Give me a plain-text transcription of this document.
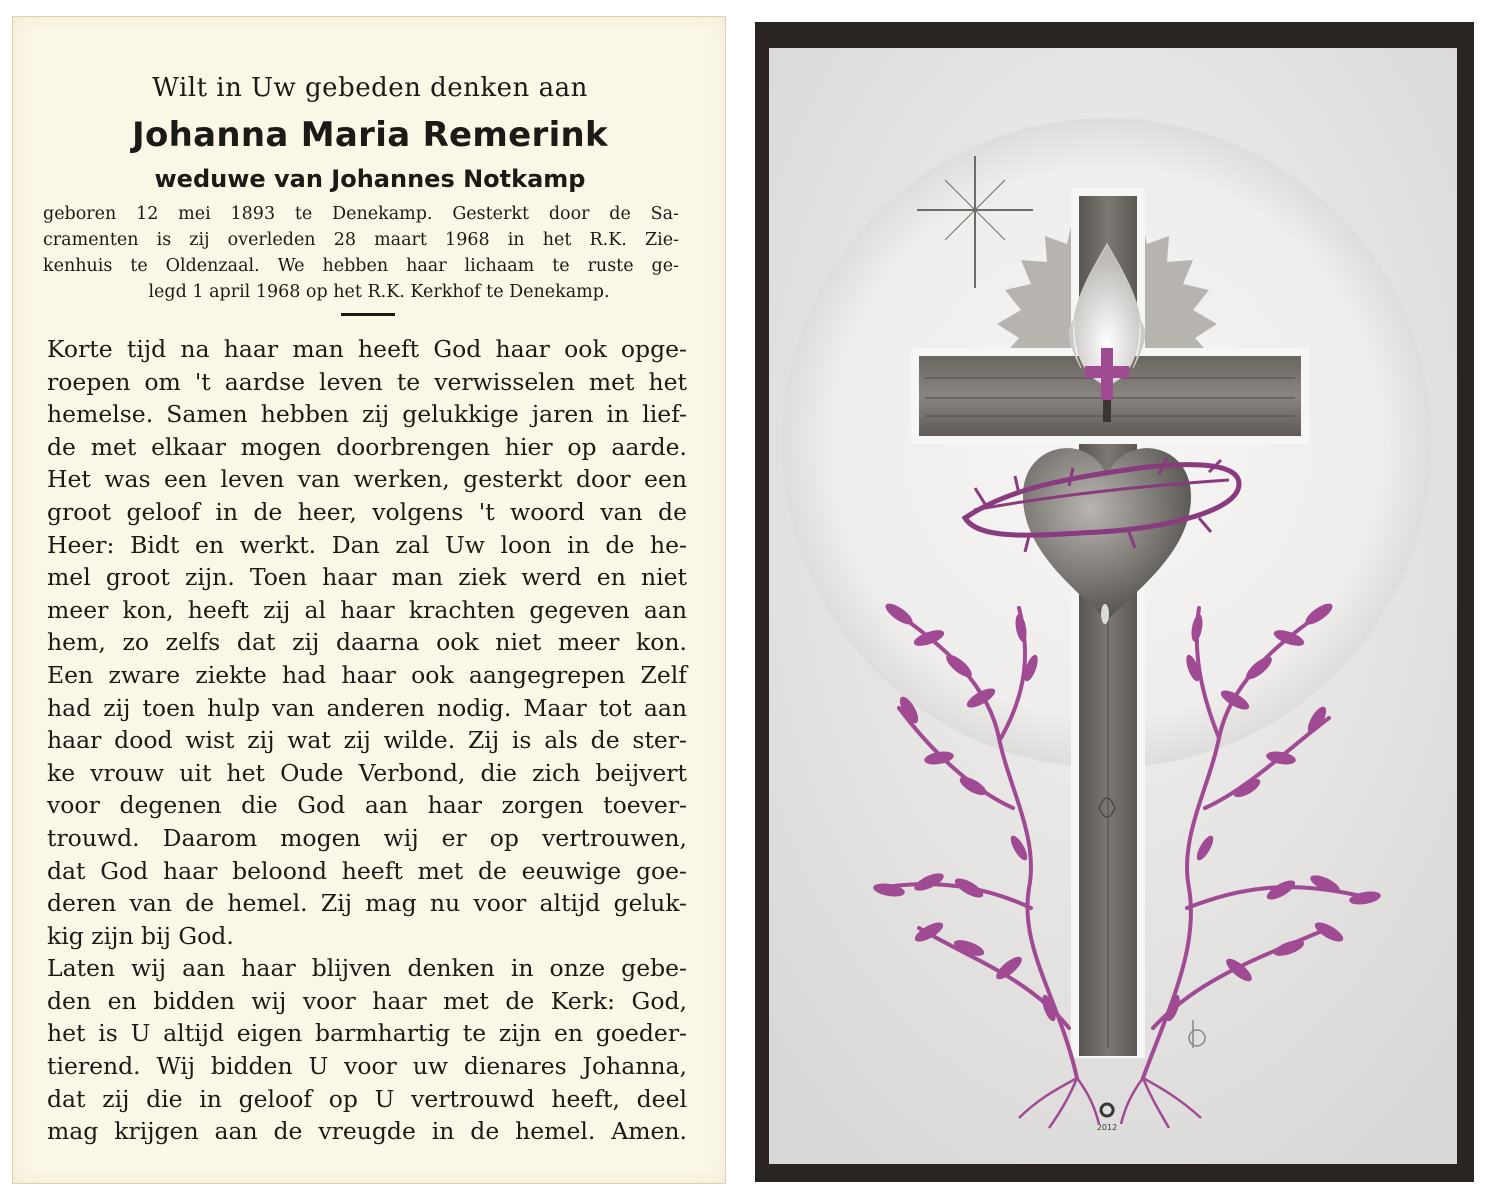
Wilt in Uw gebeden denken aan
Johanna Maria Remerink
weduwe van Johannes Notkamp
geboren 12 mei 1893 te Denekamp. Gesterkt door de Sa-
cramenten is zij overleden 28 maart 1968 in het R.K. Zie-
kenhuis te Oldenzaal. We hebben haar lichaam te ruste ge-
legd 1 april 1968 op het R.K. Kerkhof te Denekamp.
Korte tijd na haar man heeft God haar ook opge-
roepen om 't aardse leven te verwisselen met het
hemelse. Samen hebben zij gelukkige jaren in lief-
de met elkaar mogen doorbrengen hier op aarde.
Het was een leven van werken, gesterkt door een
groot geloof in de heer, volgens 't woord van de
Heer: Bidt en werkt. Dan zal Uw loon in de he-
mel groot zijn. Toen haar man ziek werd en niet
meer kon, heeft zij al haar krachten gegeven aan
hem, zo zelfs dat zij daarna ook niet meer kon.
Een zware ziekte had haar ook aangegrepen Zelf
had zij toen hulp van anderen nodig. Maar tot aan
haar dood wist zij wat zij wilde. Zij is als de ster-
ke vrouw uit het Oude Verbond, die zich beijvert
voor degenen die God aan haar zorgen toever-
trouwd. Daarom mogen wij er op vertrouwen,
dat God haar beloond heeft met de eeuwige goe-
deren van de hemel. Zij mag nu voor altijd geluk-
kig zijn bij God.
Laten wij aan haar blijven denken in onze gebe-
den en bidden wij voor haar met de Kerk: God,
het is U altijd eigen barmhartig te zijn en goeder-
tierend. Wij bidden U voor uw dienares Johanna,
dat zij die in geloof op U vertrouwd heeft, deel
mag krijgen aan de vreugde in de hemel. Amen.	2012
